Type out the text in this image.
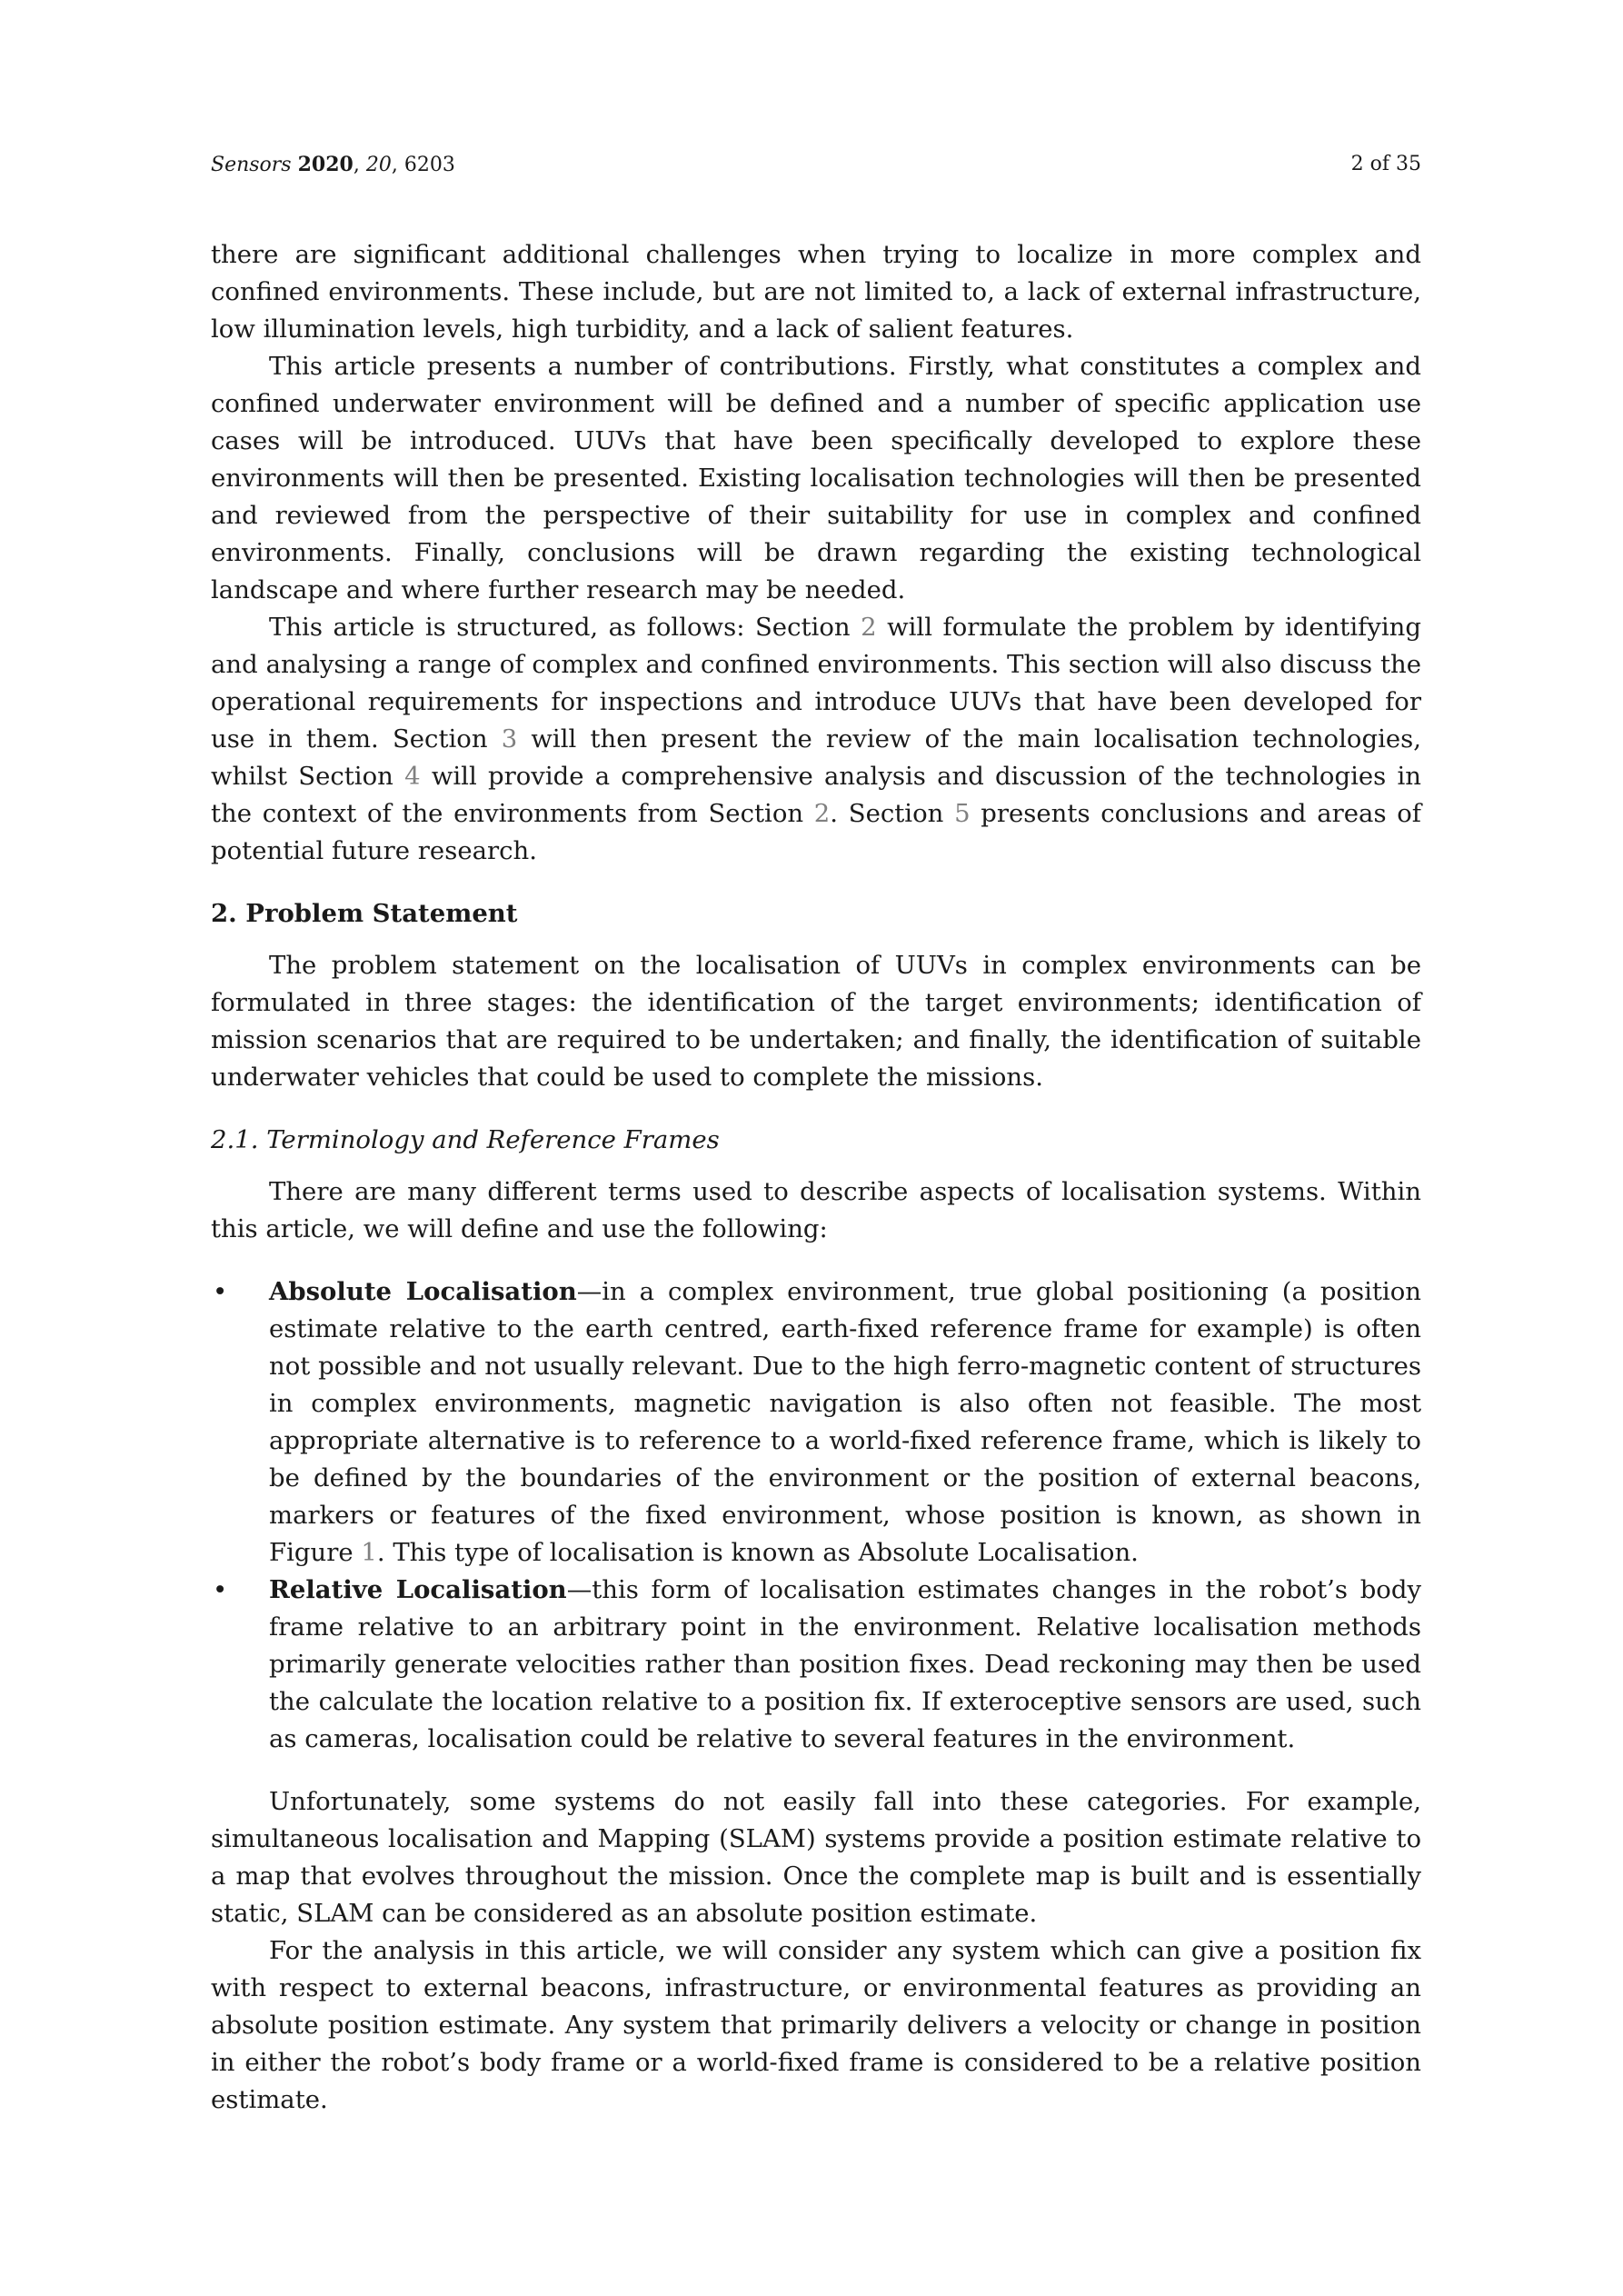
Sensors 2020, 20, 6203	2 of 35

there are significant additional challenges when trying to localize in more complex and confined environments. These include, but are not limited to, a lack of external infrastructure, low illumination levels, high turbidity, and a lack of salient features.

This article presents a number of contributions. Firstly, what constitutes a complex and confined underwater environment will be defined and a number of specific application use cases will be introduced. UUVs that have been specifically developed to explore these environments will then be presented. Existing localisation technologies will then be presented and reviewed from the perspective of their suitability for use in complex and confined environments. Finally, conclusions will be drawn regarding the existing technological landscape and where further research may be needed.

This article is structured, as follows: Section 2 will formulate the problem by identifying and analysing a range of complex and confined environments. This section will also discuss the operational requirements for inspections and introduce UUVs that have been developed for use in them. Section 3 will then present the review of the main localisation technologies, whilst Section 4 will provide a comprehensive analysis and discussion of the technologies in the context of the environments from Section 2. Section 5 presents conclusions and areas of potential future research.

2. Problem Statement

The problem statement on the localisation of UUVs in complex environments can be formulated in three stages: the identification of the target environments; identification of mission scenarios that are required to be undertaken; and finally, the identification of suitable underwater vehicles that could be used to complete the missions.

2.1. Terminology and Reference Frames

There are many different terms used to describe aspects of localisation systems. Within this article, we will define and use the following:

• Absolute Localisation—in a complex environment, true global positioning (a position estimate relative to the earth centred, earth-fixed reference frame for example) is often not possible and not usually relevant. Due to the high ferro-magnetic content of structures in complex environments, magnetic navigation is also often not feasible. The most appropriate alternative is to reference to a world-fixed reference frame, which is likely to be defined by the boundaries of the environment or the position of external beacons, markers or features of the fixed environment, whose position is known, as shown in Figure 1. This type of localisation is known as Absolute Localisation.
• Relative Localisation—this form of localisation estimates changes in the robot’s body frame relative to an arbitrary point in the environment. Relative localisation methods primarily generate velocities rather than position fixes. Dead reckoning may then be used the calculate the location relative to a position fix. If exteroceptive sensors are used, such as cameras, localisation could be relative to several features in the environment.

Unfortunately, some systems do not easily fall into these categories. For example, simultaneous localisation and Mapping (SLAM) systems provide a position estimate relative to a map that evolves throughout the mission. Once the complete map is built and is essentially static, SLAM can be considered as an absolute position estimate.

For the analysis in this article, we will consider any system which can give a position fix with respect to external beacons, infrastructure, or environmental features as providing an absolute position estimate. Any system that primarily delivers a velocity or change in position in either the robot’s body frame or a world-fixed frame is considered to be a relative position estimate.
